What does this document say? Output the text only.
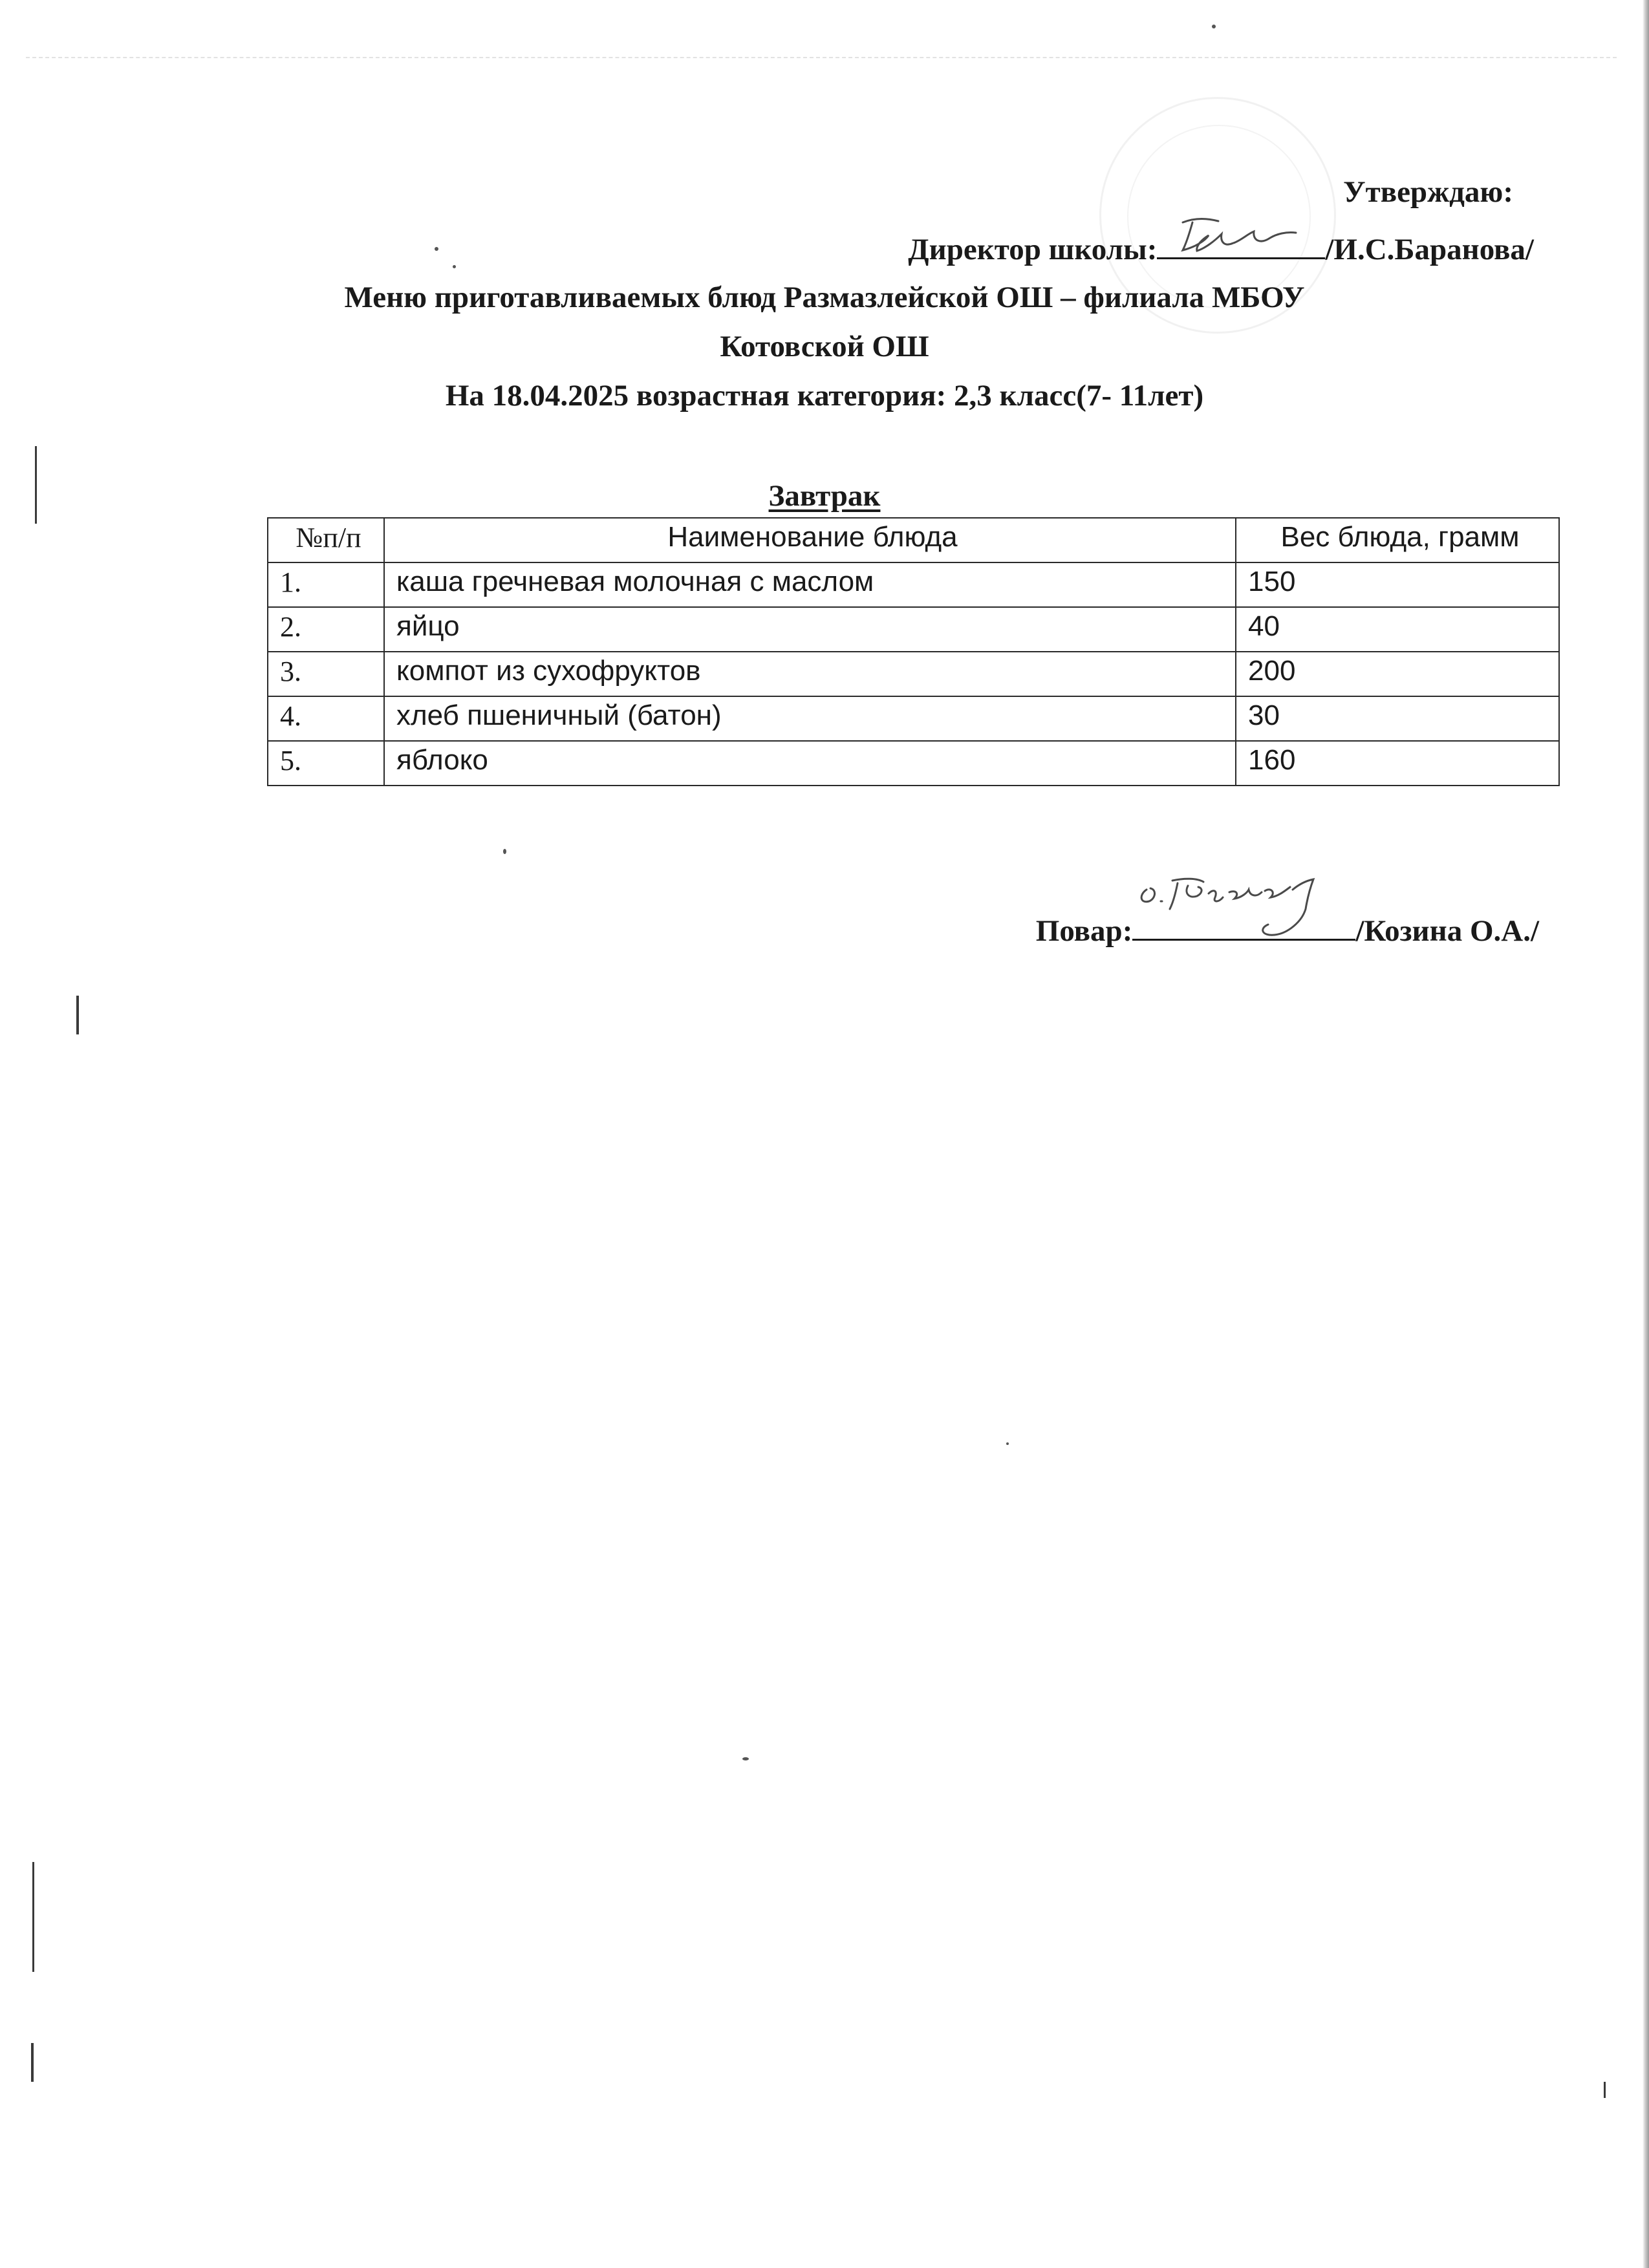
Утверждаю:
Директор школы:	/И.С.Баранова/
Меню приготавливаемых блюд Размазлейской ОШ – филиала МБОУ
Котовской ОШ
На 18.04.2025 возрастная категория: 2,3 класс(7- 11лет)
Завтрак
№п/п	Наименование блюда	Вес блюда, грамм
1.	каша гречневая молочная с маслом	150
2.	яйцо	40
3.	компот из сухофруктов	200
4.	хлеб пшеничный (батон)	30
5.	яблоко	160
Повар:	/Козина О.А./
